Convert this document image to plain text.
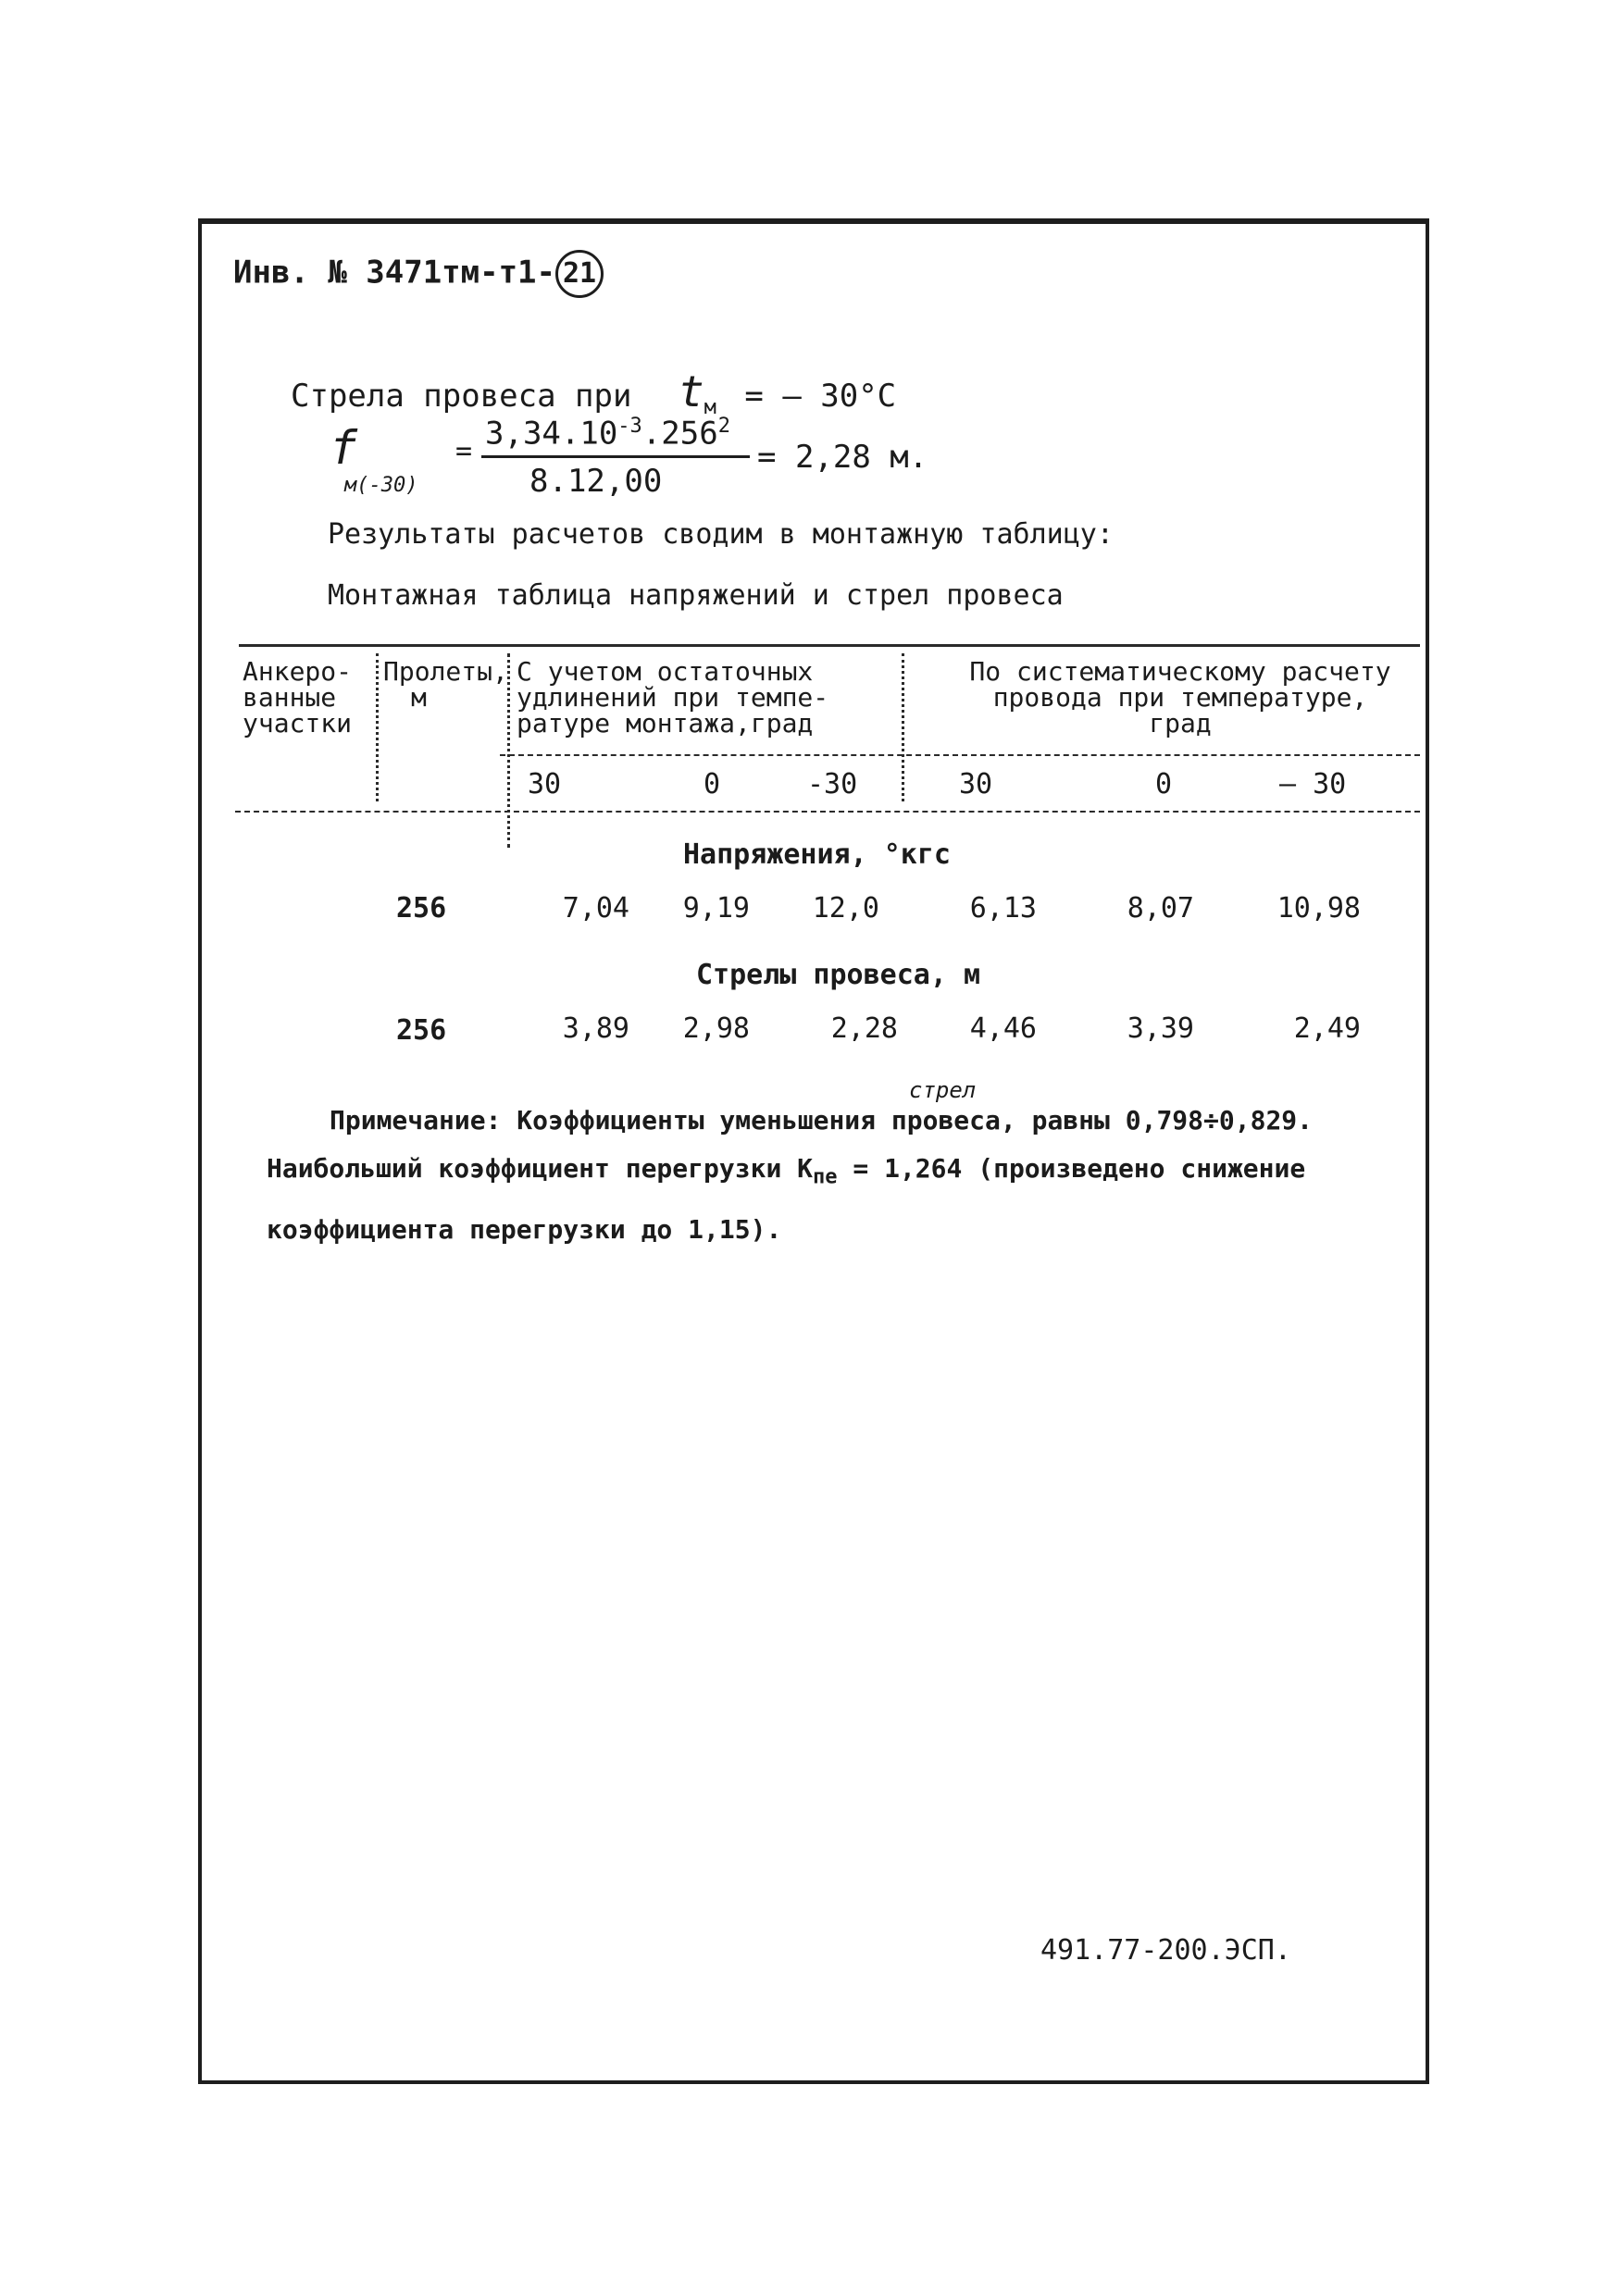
Инв. № 3471тм-т1- 21
Стрела провеса при $t_м$ = – 30°С
f
м(-30)
= $3,34.10^{-3}.256^2$
8.12,00
= 2,28 м.
Результаты расчетов сводим в монтажную таблицу:
Монтажная таблица напряжений и стрел провеса
Анкеро-
ванные
участки
Пролеты,
м
С учетом остаточных
удлинений при темпе-
ратуре монтажа,град
По систематическому расчету
провода при температуре,
град
30	0	-30	30	0	– 30
Напряжения, °кгс
256	7,04	9,19	12,0	6,13	8,07	10,98
Стрелы провеса, м
256	3,89	2,98	2,28	4,46	3,39	2,49
стрел
Примечание: Коэффициенты уменьшения провеса, равны 0,798÷0,829.
Наибольший коэффициент перегрузки $К_{пе} = 1,264$ (произведено снижение
коэффициента перегрузки до 1,15).
491.77-200.ЭСП.
